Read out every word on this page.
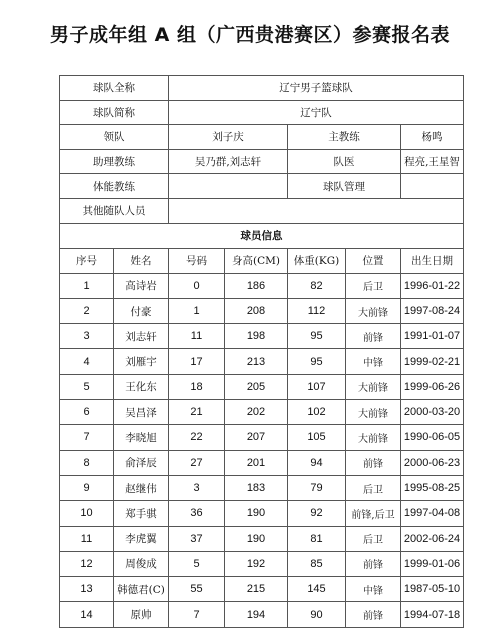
男子成年组 A 组（广西贵港赛区）参赛报名表
球队全称		辽宁男子篮球队				
球队简称		辽宁队				
领队		刘子庆		主教练		杨鸣
助理教练		吴乃群,刘志轩		队医		程亮,王星智
体能教练				球队管理		
其他随队人员						
球员信息						
序号	姓名	号码	身高(CM)	体重(KG)	位置	出生日期
1	高诗岩	0	186	82	后卫	1996-01-22
2	付豪	1	208	112	大前锋	1997-08-24
3	刘志轩	11	198	95	前锋	1991-01-07
4	刘雁宇	17	213	95	中锋	1999-02-21
5	王化东	18	205	107	大前锋	1999-06-26
6	吴昌泽	21	202	102	大前锋	2000-03-20
7	李晓旭	22	207	105	大前锋	1990-06-05
8	俞泽辰	27	201	94	前锋	2000-06-23
9	赵继伟	3	183	79	后卫	1995-08-25
10	郑手骐	36	190	92	前锋,后卫	1997-04-08
11	李虎翼	37	190	81	后卫	2002-06-24
12	周俊成	5	192	85	前锋	1999-01-06
13	韩德君(C)	55	215	145	中锋	1987-05-10
14	原帅	7	194	90	前锋	1994-07-18
